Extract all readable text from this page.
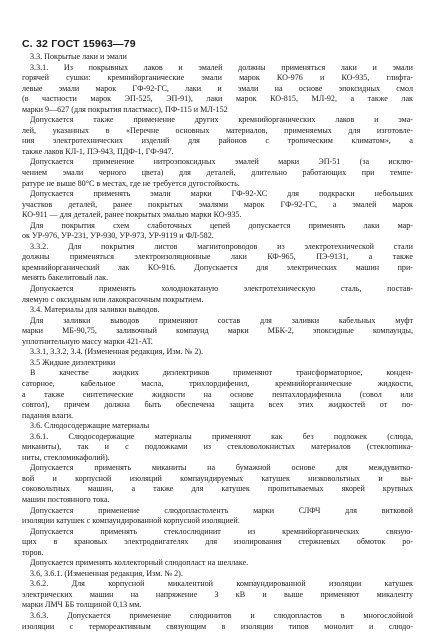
С. 32 ГОСТ 15963—79
3.3. Покрытые лаки и эмали
3.3.1. Из покрывных лаков и эмалей должны применяться лаки и эмали
горячей сушки: кремнийорганические эмали марок КО-976 и КО-935, глифта-
левые эмали марок ГФ-92-ГС, лаки и эмали на основе эпоксидных смол
(в частности марок ЭП-525, ЭП-91), лаки марок КО-815, МЛ-92, а также лак
марки 9—627 (для покрытия пластмасс), ПФ-115 и МЛ-152
Допускается также применение других кремнийорганических лаков и эма-
лей, указанных в «Перечне основных материалов, применяемых для изготовле-
ния электротехнических изделий для районов с тропическим климатом», а
также лаков КЛ-1, ПЭ-943, ПДФ-1, ГФ-947.
Допускается применение нитроэпоксидных эмалей марки ЭП-51 (за исклю-
чением эмали черного цвета) для деталей, длительно работающих при темпе-
ратуре не выше 80°С в местах, где не требуется дугостойкость.
Допускается применять эмали марки ГФ-92-ХС для подкраски небольших
участков деталей, ранее покрытых эмалями марок ГФ-92-ГС, а эмалей марок
КО-911 — для деталей, ранее покрытых эмалью марки КО-935.
Для покрытия схем слаботочных цепей допускается применять лаки мар-
ок УР-976, УР-231, УР-930, УР-973, УР-9119 и ФЛ-582.
3.3.2. Для покрытия листов магнитопроводов из электротехнической стали
должны применяться электроизоляционные лаки КФ-965, ПЭ-9131, а также
кремнийорганический лак КО-916. Допускается для электрических машин при-
менять бакелитовый лак.
Допускается применять холоднокатаную электротехническую сталь, постав-
ляемую с оксидным или лакокрасочным покрытием.
3.4. Материалы для заливки выводов.
Для заливки выводов применяют состав для заливки кабельных муфт
марки МБ-90,75, заливочный компаунд марки МБК-2, эпоксидные компаунды,
уплотнительную массу марки 421-АТ.
3.3.1, 3.3.2, 3.4. (Измененная редакция, Изм. № 2).
3.5 Жидкие диэлектрики
В качестве жидких диэлектриков применяют трансформаторное, конден-
саторное, кабельное масла, трихлордифенил, кремнийорганические жидкости,
а также синтетические жидкости на основе пентахлордифенила (совол или
совтол), причем должна быть обеспечена защита всех этих жидкостей от по-
падания влаги.
3.6. Слюдосодержащие материалы
3.6.1. Слюдосодержащие материалы применяют как без подложек (слюда,
миканиты), так и с подложками из стекловолокнистых материалов (стеклоmика-
ниты, стекломикафолий).
Допускается применять миканиты на бумажной основе для междувитко-
вой и корпусной изоляций компаундируемых катушек низковольтных и вы-
соковольтных машин, а также для катушек пропитываемых якорей крупных
машин постоянного тока.
Допускается применение слюдопластолентъ марки СЛФЧ для витковой
изоляции катушек с компаундированной корпусной изоляцией.
Допускается применять стеклослюдинит из кремнийорганических связую-
щих в крановых электродвигателях для изолирования стержневых обмоток ро-
торов.
Допускается применять коллекторный слюдопласт на шеллаке.
3.6, 3.6.1. (Измененная редакция, Изм. № 2).
3.6.2. Для корпусной микалентной компаундированной изоляции катушек
электрических машин на напряжение 3 кВ и выше применяют микаленту
марки ЛМЧ ББ толщиной 0,13 мм.
3.6.3. Допускается применение слюдинитов и слюдопластов в многослойной
изоляции с термореактивным связующим в изоляции типов монолит и слюдо-
